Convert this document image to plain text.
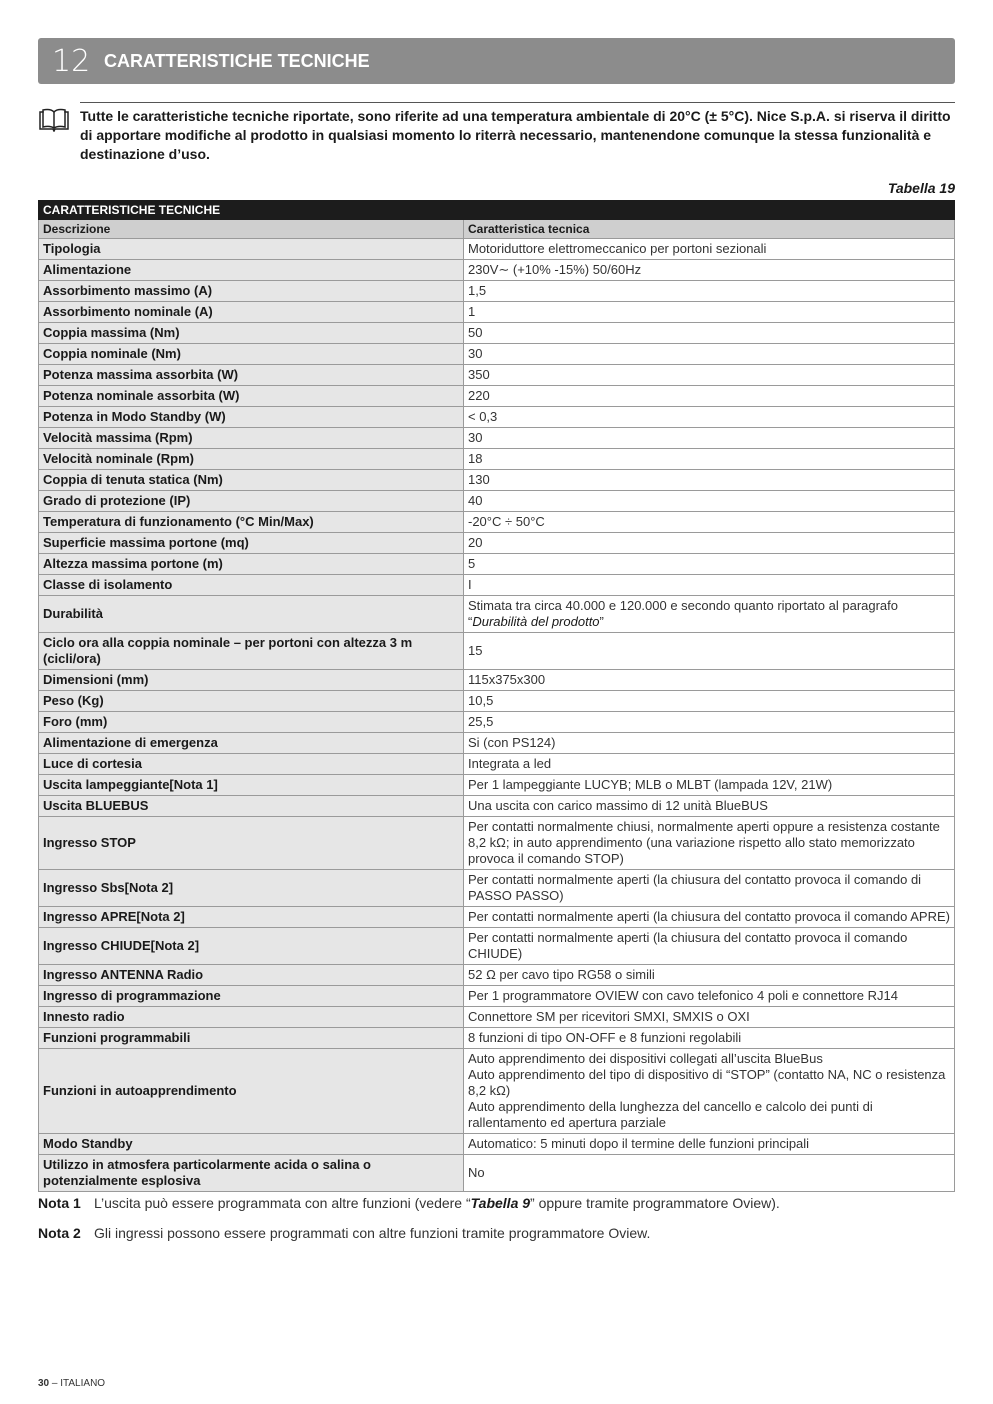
12 CARATTERISTICHE TECNICHE
Tutte le caratteristiche tecniche riportate, sono riferite ad una temperatura ambientale di 20°C (± 5°C). Nice S.p.A. si riserva il diritto di apportare modifiche al prodotto in qualsiasi momento lo riterrà necessario, mantenendone comunque la stessa funzionalità e destinazione d’uso.
Tabella 19
CARATTERISTICHE TECNICHE	
Descrizione	Caratteristica tecnica
Tipologia	Motoriduttore elettromeccanico per portoni sezionali
Alimentazione	230V∼ (+10% -15%) 50/60Hz
Assorbimento massimo (A)	1,5
Assorbimento nominale (A)	1
Coppia massima (Nm)	50
Coppia nominale (Nm)	30
Potenza massima assorbita (W)	350
Potenza nominale assorbita (W)	220
Potenza in Modo Standby (W)	< 0,3
Velocità massima (Rpm)	30
Velocità nominale (Rpm)	18
Coppia di tenuta statica (Nm)	130
Grado di protezione (IP)	40
Temperatura di funzionamento (°C Min/Max)	-20°C ÷ 50°C
Superficie massima portone (mq)	20
Altezza massima portone (m)	5
Classe di isolamento	I
Durabilità	Stimata tra circa 40.000 e 120.000 e secondo quanto riportato al paragrafo “Durabilità del prodotto”
Ciclo ora alla coppia nominale – per portoni con altezza 3 m (cicli/ora)	15
Dimensioni (mm)	115x375x300
Peso (Kg)	10,5
Foro (mm)	25,5
Alimentazione di emergenza	Si (con PS124)
Luce di cortesia	Integrata a led
Uscita lampeggiante[Nota 1]	Per 1 lampeggiante LUCYB; MLB o MLBT (lampada 12V, 21W)
Uscita BLUEBUS	Una uscita con carico massimo di 12 unità BlueBUS
Ingresso STOP	Per contatti normalmente chiusi, normalmente aperti oppure a resistenza costante 8,2 kΩ; in auto apprendimento (una variazione rispetto allo stato memorizzato provoca il comando STOP)
Ingresso Sbs[Nota 2]	Per contatti normalmente aperti (la chiusura del contatto provoca il comando di PASSO PASSO)
Ingresso APRE[Nota 2]	Per contatti normalmente aperti (la chiusura del contatto provoca il comando APRE)
Ingresso CHIUDE[Nota 2]	Per contatti normalmente aperti (la chiusura del contatto provoca il comando CHIUDE)
Ingresso ANTENNA Radio	52 Ω per cavo tipo RG58 o simili
Ingresso di programmazione	Per 1 programmatore OVIEW con cavo telefonico 4 poli e connettore RJ14
Innesto radio	Connettore SM per ricevitori SMXI, SMXIS o OXI
Funzioni programmabili	8 funzioni di tipo ON-OFF e 8 funzioni regolabili
Funzioni in autoapprendimento	Auto apprendimento dei dispositivi collegati all’uscita BlueBus
Auto apprendimento del tipo di dispositivo di “STOP” (contatto NA, NC o resistenza 8,2 kΩ)
Auto apprendimento della lunghezza del cancello e calcolo dei punti di rallentamento ed apertura parziale

Modo Standby	Automatico: 5 minuti dopo il termine delle funzioni principali
Utilizzo in atmosfera particolarmente acida o salina o potenzialmente esplosiva	No
Nota 1 L’uscita può essere programmata con altre funzioni (vedere “Tabella 9” oppure tramite programmatore Oview).
Nota 2 Gli ingressi possono essere programmati con altre funzioni tramite programmatore Oview.
30 – ITALIANO
